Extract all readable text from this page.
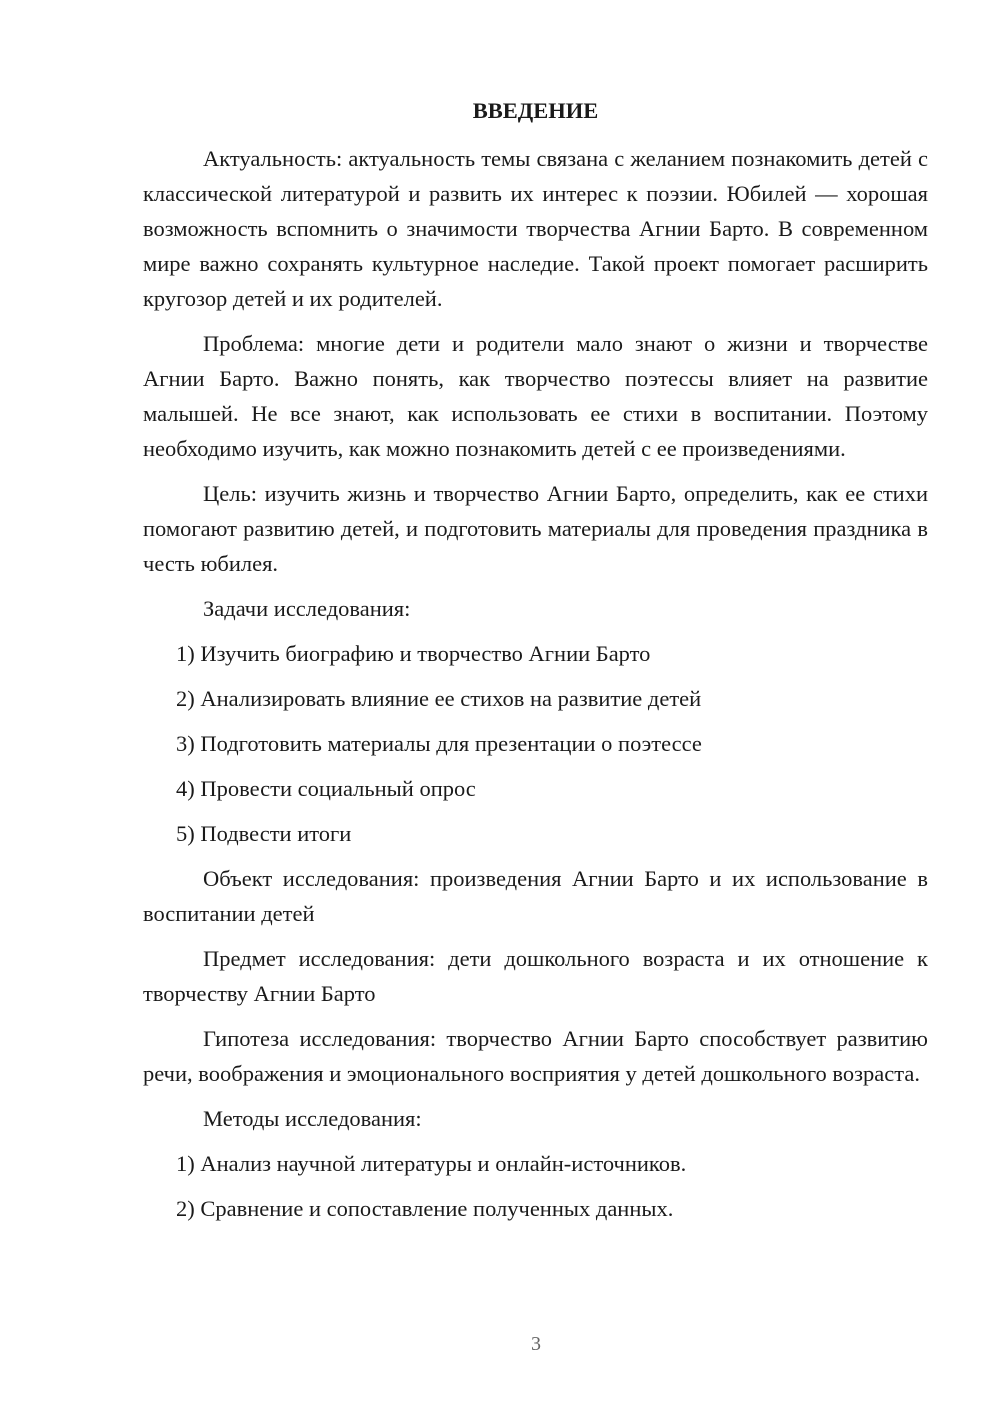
ВВЕДЕНИЕ

Актуальность: актуальность темы связана с желанием познакомить детей с классической литературой и развить их интерес к поэзии. Юбилей — хорошая возможность вспомнить о значимости творчества Агнии Барто. В современном мире важно сохранять культурное наследие. Такой проект помогает расширить кругозор детей и их родителей.

Проблема: многие дети и родители мало знают о жизни и творчестве Агнии Барто. Важно понять, как творчество поэтессы влияет на развитие малышей. Не все знают, как использовать ее стихи в воспитании. Поэтому необходимо изучить, как можно познакомить детей с ее произведениями.

Цель: изучить жизнь и творчество Агнии Барто, определить, как ее стихи помогают развитию детей, и подготовить материалы для проведения праздника в честь юбилея.

Задачи исследования:

1) Изучить биографию и творчество Агнии Барто

2) Анализировать влияние ее стихов на развитие детей

3) Подготовить материалы для презентации о поэтессе

4) Провести социальный опрос

5) Подвести итоги

Объект исследования: произведения Агнии Барто и их использование в воспитании детей

Предмет исследования: дети дошкольного возраста и их отношение к творчеству Агнии Барто

Гипотеза исследования: творчество Агнии Барто способствует развитию речи, воображения и эмоционального восприятия у детей дошкольного возраста.

Методы исследования:

1) Анализ научной литературы и онлайн-источников.

2) Сравнение и сопоставление полученных данных.

3
